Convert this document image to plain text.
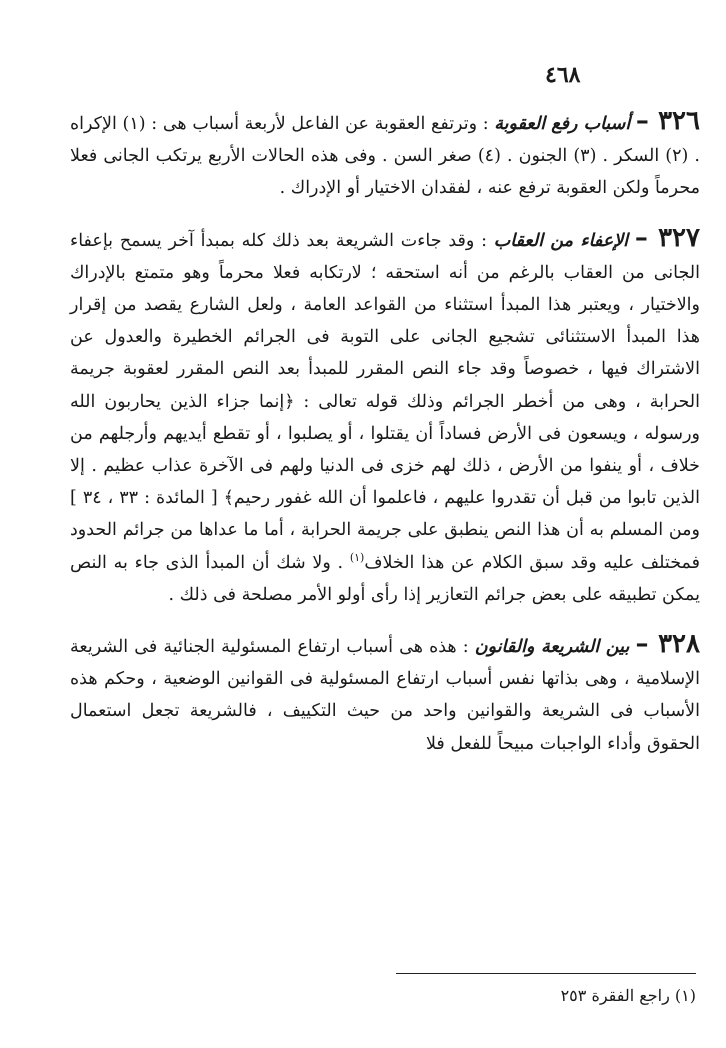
٤٦٨

٣٢٦ – أسباب رفع العقوبة : وترتفع العقوبة عن الفاعل لأربعة أسباب هى : (١) الإكراه . (٢) السكر . (٣) الجنون . (٤) صغر السن . وفى هذه الحالات الأربع يرتكب الجانى فعلا محرماً ولكن العقوبة ترفع عنه ، لفقدان الاختيار أو الإدراك .

٣٢٧ – الإعفاء من العقاب : وقد جاءت الشريعة بعد ذلك كله بمبدأ آخر يسمح بإعفاء الجانى من العقاب بالرغم من أنه استحقه ؛ لارتكابه فعلا محرماً وهو متمتع بالإدراك والاختيار ، ويعتبر هذا المبدأ استثناء من القواعد العامة ، ولعل الشارع يقصد من إقرار هذا المبدأ الاستثنائى تشجيع الجانى على التوبة فى الجرائم الخطيرة والعدول عن الاشتراك فيها ، خصوصاً وقد جاء النص المقرر للمبدأ بعد النص المقرر لعقوبة جريمة الحرابة ، وهى من أخطر الجرائم وذلك قوله تعالى : ﴿إنما جزاء الذين يحاربون الله ورسوله ، ويسعون فى الأرض فساداً أن يقتلوا ، أو يصلبوا ، أو تقطع أيديهم وأرجلهم من خلاف ، أو ينفوا من الأرض ، ذلك لهم خزى فى الدنيا ولهم فى الآخرة عذاب عظيم . إلا الذين تابوا من قبل أن تقدروا عليهم ، فاعلموا أن الله غفور رحيم﴾ [ المائدة : ٣٣ ، ٣٤ ] ومن المسلم به أن هذا النص ينطبق على جريمة الحرابة ، أما ما عداها من جرائم الحدود فمختلف عليه وقد سبق الكلام عن هذا الخلاف$^{(١)}$ . ولا شك أن المبدأ الذى جاء به النص يمكن تطبيقه على بعض جرائم التعازير إذا رأى أولو الأمر مصلحة فى ذلك .

٣٢٨ – بين الشريعة والقانون : هذه هى أسباب ارتفاع المسئولية الجنائية فى الشريعة الإسلامية ، وهى بذاتها نفس أسباب ارتفاع المسئولية فى القوانين الوضعية ، وحكم هذه الأسباب فى الشريعة والقوانين واحد من حيث التكييف ، فالشريعة تجعل استعمال الحقوق وأداء الواجبات مبيحاً للفعل فلا

(١) راجع الفقرة ٢٥٣
